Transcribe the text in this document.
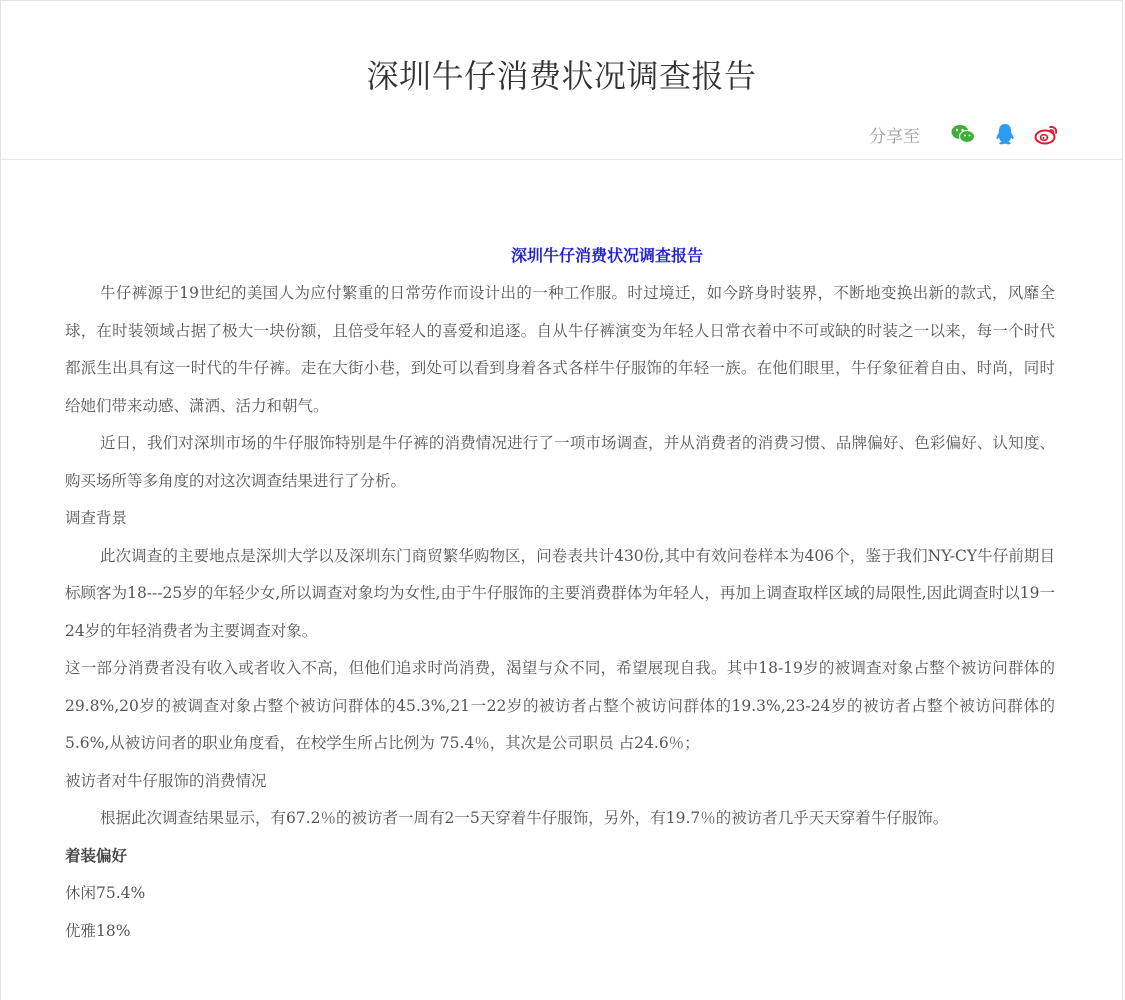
深圳牛仔消费状况调查报告
分享至
深圳牛仔消费状况调查报告

牛仔裤源于19世纪的美国人为应付繁重的日常劳作而设计出的一种工作服。时过境迁，如今跻身时装界，不断地变换出新的款式，风靡全球，在时装领域占据了极大一块份额，且倍受年轻人的喜爱和追逐。自从牛仔裤演变为年轻人日常衣着中不可或缺的时装之一以来，每一个时代都派生出具有这一时代的牛仔裤。走在大街小巷，到处可以看到身着各式各样牛仔服饰的年轻一族。在他们眼里，牛仔象征着自由、时尚，同时给她们带来动感、潇洒、活力和朝气。

近日，我们对深圳市场的牛仔服饰特别是牛仔裤的消费情况进行了一项市场调查，并从消费者的消费习惯、品牌偏好、色彩偏好、认知度、购买场所等多角度的对这次调查结果进行了分析。

调查背景

此次调查的主要地点是深圳大学以及深圳东门商贸繁华购物区，问卷表共计430份,其中有效问卷样本为406个，鉴于我们NY-CY牛仔前期目标顾客为18---25岁的年轻少女,所以调查对象均为女性,由于牛仔服饰的主要消费群体为年轻人，再加上调查取样区域的局限性,因此调查时以19一24岁的年轻消费者为主要调查对象。

这一部分消费者没有收入或者收入不高，但他们追求时尚消费，渴望与众不同，希望展现自我。其中18-19岁的被调查对象占整个被访问群体的29.8%,20岁的被调查对象占整个被访问群体的45.3%,21一22岁的被访者占整个被访问群体的19.3%,23-24岁的被访者占整个被访问群体的5.6%,从被访问者的职业角度看，在校学生所占比例为 75.4％，其次是公司职员 占24.6％；

被访者对牛仔服饰的消费情况

根据此次调查结果显示，有67.2％的被访者一周有2一5天穿着牛仔服饰，另外，有19.7％的被访者几乎天天穿着牛仔服饰。

着装偏好

休闲75.4%

优雅18%
